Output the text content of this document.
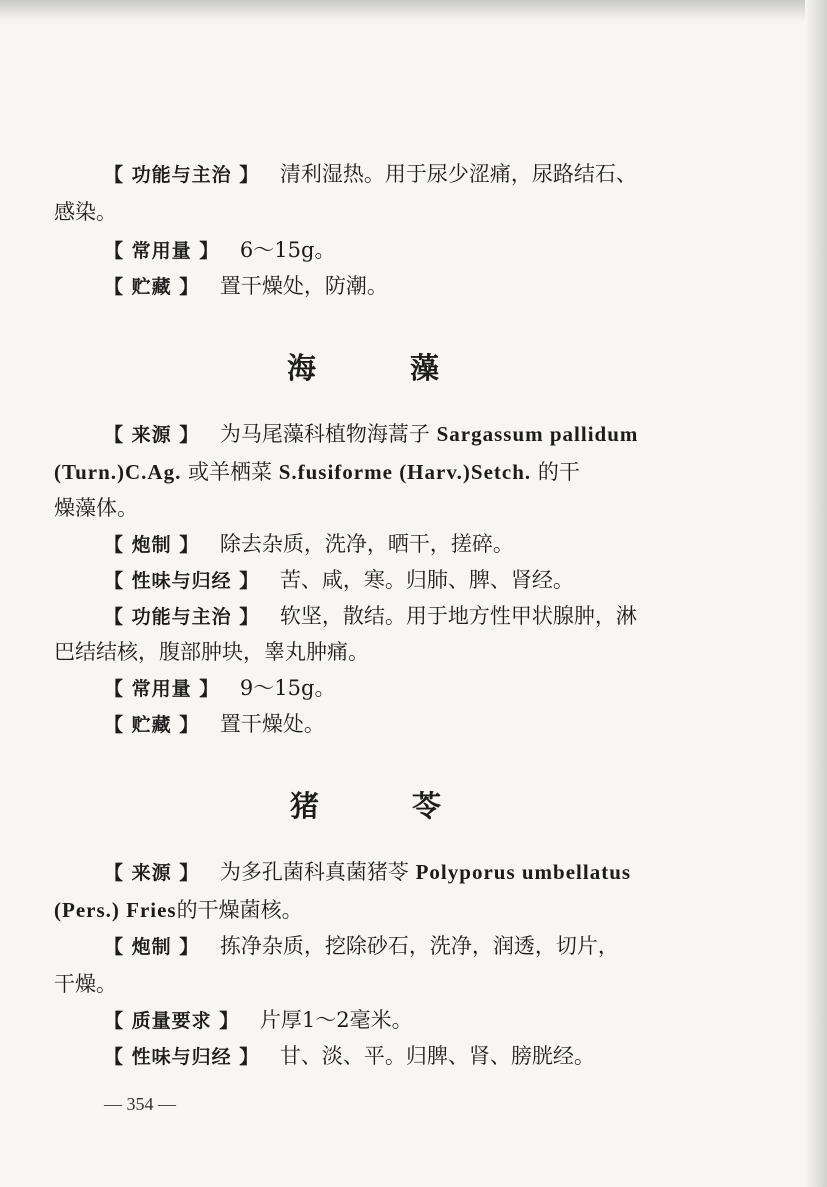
【 功能与主治 】 清利湿热。用于尿少涩痛，尿路结石、
感染。
【 常用量 】 6～15g。
【 贮藏 】 置干燥处，防潮。
海	藻
【 来源 】 为马尾藻科植物海蒿子 Sargassum pallidum
(Turn.)C.Ag. 或羊栖菜 S.fusiforme (Harv.)Setch. 的干
燥藻体。
【 炮制 】 除去杂质，洗净，晒干，搓碎。
【 性味与归经 】 苦、咸，寒。归肺、脾、肾经。
【 功能与主治 】 软坚，散结。用于地方性甲状腺肿，淋
巴结结核，腹部肿块，睾丸肿痛。
【 常用量 】 9～15g。
【 贮藏 】 置干燥处。
猪	苓
【 来源 】 为多孔菌科真菌猪苓 Polyporus umbellatus
(Pers.) Fries的干燥菌核。
【 炮制 】 拣净杂质，挖除砂石，洗净，润透，切片，
干燥。
【 质量要求 】 片厚1～2毫米。
【 性味与归经 】 甘、淡、平。归脾、肾、膀胱经。
— 354 —
